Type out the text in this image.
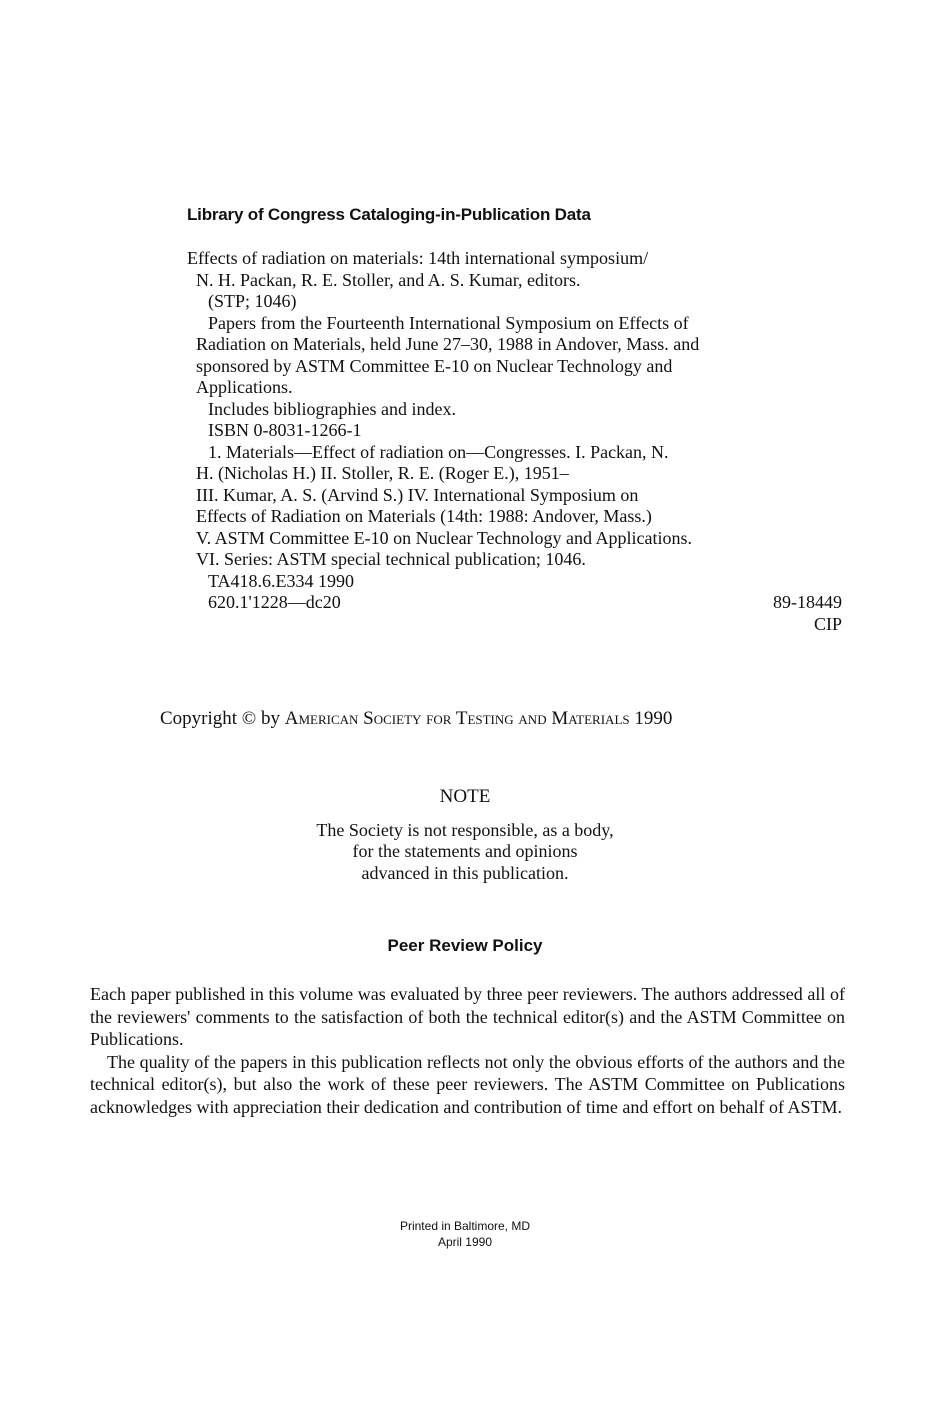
Library of Congress Cataloging-in-Publication Data
Effects of radiation on materials: 14th international symposium/
N. H. Packan, R. E. Stoller, and A. S. Kumar, editors.
(STP; 1046)
Papers from the Fourteenth International Symposium on Effects of
Radiation on Materials, held June 27–30, 1988 in Andover, Mass. and
sponsored by ASTM Committee E-10 on Nuclear Technology and
Applications.
Includes bibliographies and index.
ISBN 0-8031-1266-1
1. Materials—Effect of radiation on—Congresses. I. Packan, N.
H. (Nicholas H.) II. Stoller, R. E. (Roger E.), 1951–
III. Kumar, A. S. (Arvind S.) IV. International Symposium on
Effects of Radiation on Materials (14th: 1988: Andover, Mass.)
V. ASTM Committee E-10 on Nuclear Technology and Applications.
VI. Series: ASTM special technical publication; 1046.
TA418.6.E334 1990
620.1'1228—dc20	89-18449
CIP
Copyright © by American Society for Testing and Materials 1990
NOTE
The Society is not responsible, as a body,
for the statements and opinions
advanced in this publication.
Peer Review Policy

Each paper published in this volume was evaluated by three peer reviewers. The authors addressed all of the reviewers' comments to the satisfaction of both the technical editor(s) and the ASTM Committee on Publications.

The quality of the papers in this publication reflects not only the obvious efforts of the authors and the technical editor(s), but also the work of these peer reviewers. The ASTM Committee on Publications acknowledges with appreciation their dedication and contribution of time and effort on behalf of ASTM.

Printed in Baltimore, MD
April 1990
